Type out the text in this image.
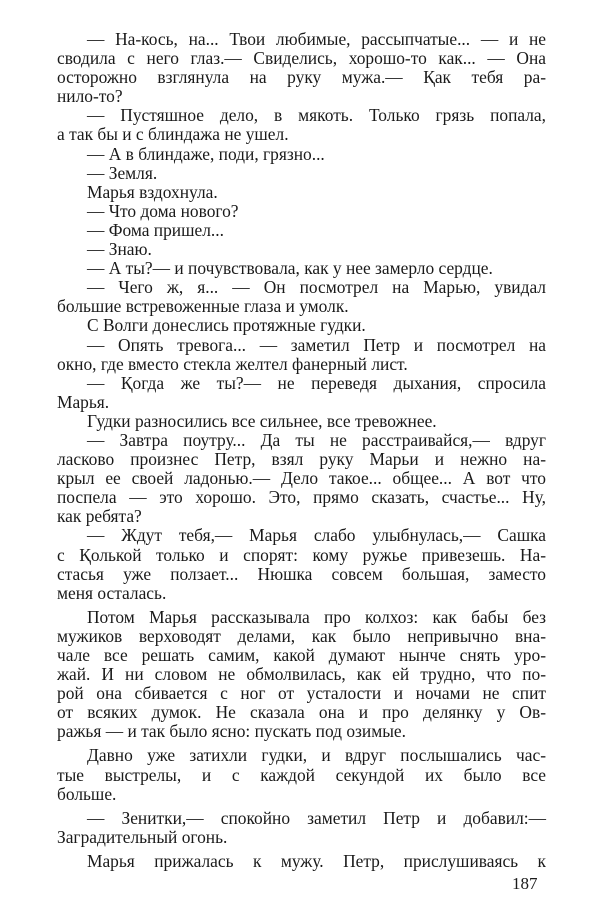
— На-кось, на... Твои любимые, рассыпчатые... — и не
сводила с него глаз.— Свиделись, хорошо-то как... — Она
осторожно взглянула на руку мужа.— Қак тебя ра-
нило-то?
— Пустяшное дело, в мякоть. Только грязь попала,
а так бы и с блиндажа не ушел.
— А в блиндаже, поди, грязно...
— Земля.
Марья вздохнула.
— Что дома нового?
— Фома пришел...
— Знаю.
— А ты?— и почувствовала, как у нее замерло сердце.
— Чего ж, я... — Он посмотрел на Марью, увидал
большие встревоженные глаза и умолк.
С Волги донеслись протяжные гудки.
— Опять тревога... — заметил Петр и посмотрел на
окно, где вместо стекла желтел фанерный лист.
— Қогда же ты?— не переведя дыхания, спросила
Марья.
Гудки разносились все сильнее, все тревожнее.
— Завтра поутру... Да ты не расстраивайся,— вдруг
ласково произнес Петр, взял руку Марьи и нежно на-
крыл ее своей ладонью.— Дело такое... общее... А вот что
поспела — это хорошо. Это, прямо сказать, счастье... Ну,
как ребята?
— Ждут тебя,— Марья слабо улыбнулась,— Сашка
с Қолькой только и спорят: кому ружье привезешь. На-
стасья уже ползает... Нюшка совсем большая, заместо
меня осталась.
Потом Марья рассказывала про колхоз: как бабы без
мужиков верховодят делами, как было непривычно вна-
чале все решать самим, какой думают нынче снять уро-
жай. И ни словом не обмолвилась, как ей трудно, что по-
рой она сбивается с ног от усталости и ночами не спит
от всяких думок. Не сказала она и про делянку у Ов-
ражья — и так было ясно: пускать под озимые.
Давно уже затихли гудки, и вдруг послышались час-
тые выстрелы, и с каждой секундой их было все
больше.
— Зенитки,— спокойно заметил Петр и добавил:—
Заградительный огонь.
Марья прижалась к мужу. Петр, прислушиваясь к
187
